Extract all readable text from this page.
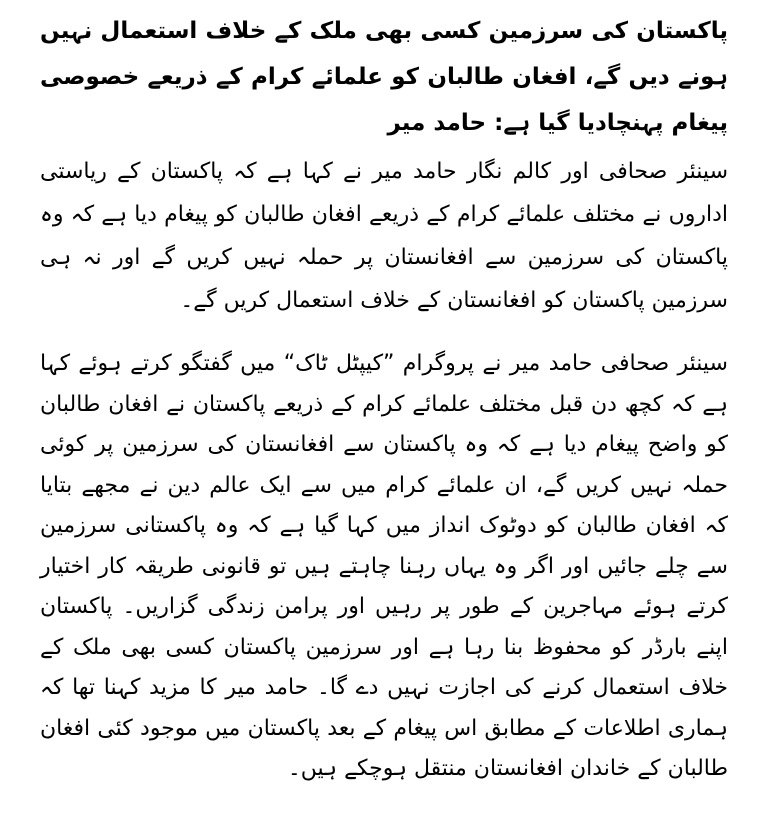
پاکستان کی سرزمین کسی بھی ملک کے خلاف استعمال نہیں ہونے دیں گے، افغان طالبان کو علمائے کرام کے ذریعے خصوصی پیغام پہنچادیا گیا ہے: حامد میر

سینئر صحافی اور کالم نگار حامد میر نے کہا ہے کہ پاکستان کے ریاستی اداروں نے مختلف علمائے کرام کے ذریعے افغان طالبان کو پیغام دیا ہے کہ وہ پاکستان کی سرزمین سے افغانستان پر حملہ نہیں کریں گے اور نہ ہی سرزمین پاکستان کو افغانستان کے خلاف استعمال کریں گے۔

سینئر صحافی حامد میر نے پروگرام ”کیپٹل ٹاک“ میں گفتگو کرتے ہوئے کہا ہے کہ کچھ دن قبل مختلف علمائے کرام کے ذریعے پاکستان نے افغان طالبان کو واضح پیغام دیا ہے کہ وہ پاکستان سے افغانستان کی سرزمین پر کوئی حملہ نہیں کریں گے، ان علمائے کرام میں سے ایک عالم دین نے مجھے بتایا کہ افغان طالبان کو دوٹوک انداز میں کہا گیا ہے کہ وہ پاکستانی سرزمین سے چلے جائیں اور اگر وہ یہاں رہنا چاہتے ہیں تو قانونی طریقہ کار اختیار کرتے ہوئے مہاجرین کے طور پر رہیں اور پرامن زندگی گزاریں۔ پاکستان اپنے بارڈر کو محفوظ بنا رہا ہے اور سرزمین پاکستان کسی بھی ملک کے خلاف استعمال کرنے کی اجازت نہیں دے گا۔ حامد میر کا مزید کہنا تھا کہ ہماری اطلاعات کے مطابق اس پیغام کے بعد پاکستان میں موجود کئی افغان طالبان کے خاندان افغانستان منتقل ہوچکے ہیں۔
